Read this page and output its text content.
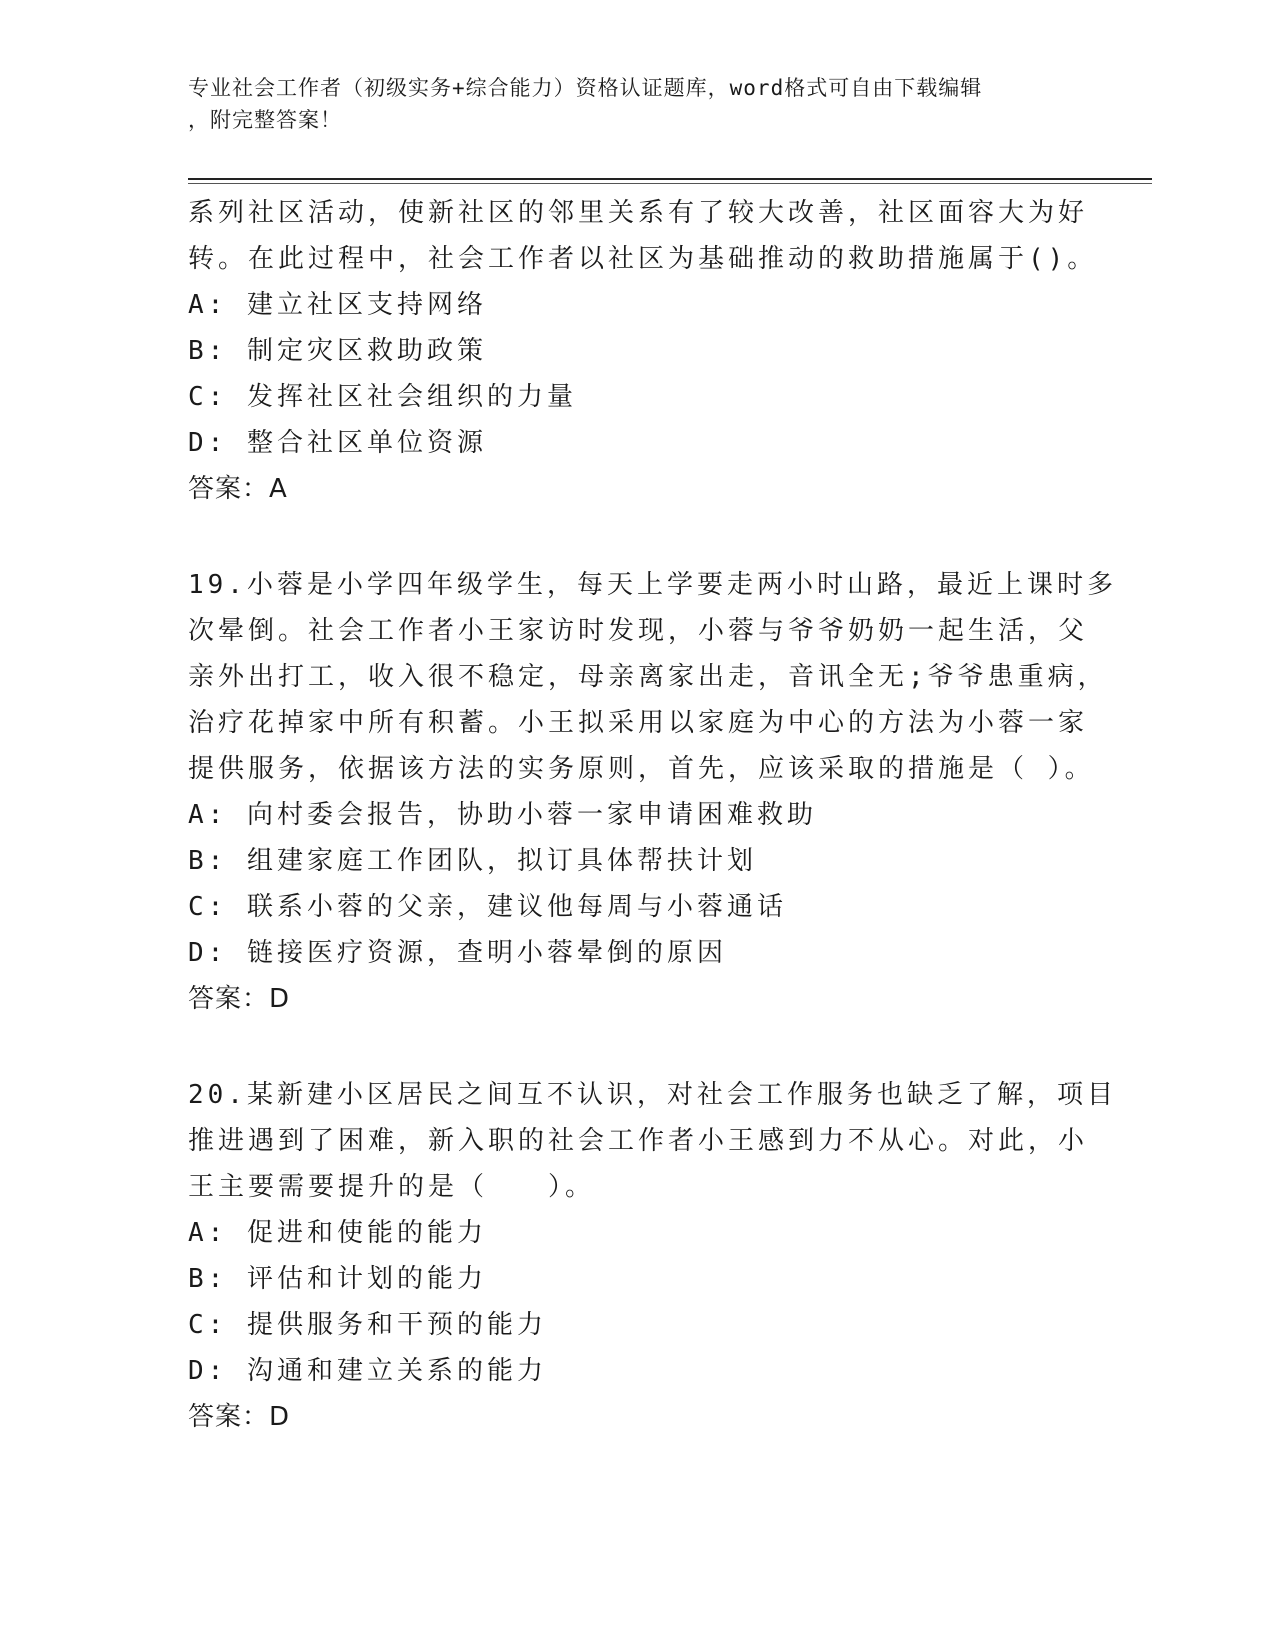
专业社会工作者（初级实务+综合能力）资格认证题库，word格式可自由下载编辑
，附完整答案！
系列社区活动，使新社区的邻里关系有了较大改善，社区面容大为好
转。在此过程中，社会工作者以社区为基础推动的救助措施属于()。
A: 建立社区支持网络
B: 制定灾区救助政策
C: 发挥社区社会组织的力量
D: 整合社区单位资源
答案：A
19.小蓉是小学四年级学生，每天上学要走两小时山路，最近上课时多
次晕倒。社会工作者小王家访时发现，小蓉与爷爷奶奶一起生活，父
亲外出打工，收入很不稳定，母亲离家出走，音讯全无;爷爷患重病，
治疗花掉家中所有积蓄。小王拟采用以家庭为中心的方法为小蓉一家
提供服务，依据该方法的实务原则，首先，应该采取的措施是（ ）。
A: 向村委会报告，协助小蓉一家申请困难救助
B: 组建家庭工作团队，拟订具体帮扶计划
C: 联系小蓉的父亲，建议他每周与小蓉通话
D: 链接医疗资源，查明小蓉晕倒的原因
答案：D
20.某新建小区居民之间互不认识，对社会工作服务也缺乏了解，项目
推进遇到了困难，新入职的社会工作者小王感到力不从心。对此，小
王主要需要提升的是（　　）。
A: 促进和使能的能力
B: 评估和计划的能力
C: 提供服务和干预的能力
D: 沟通和建立关系的能力
答案：D
